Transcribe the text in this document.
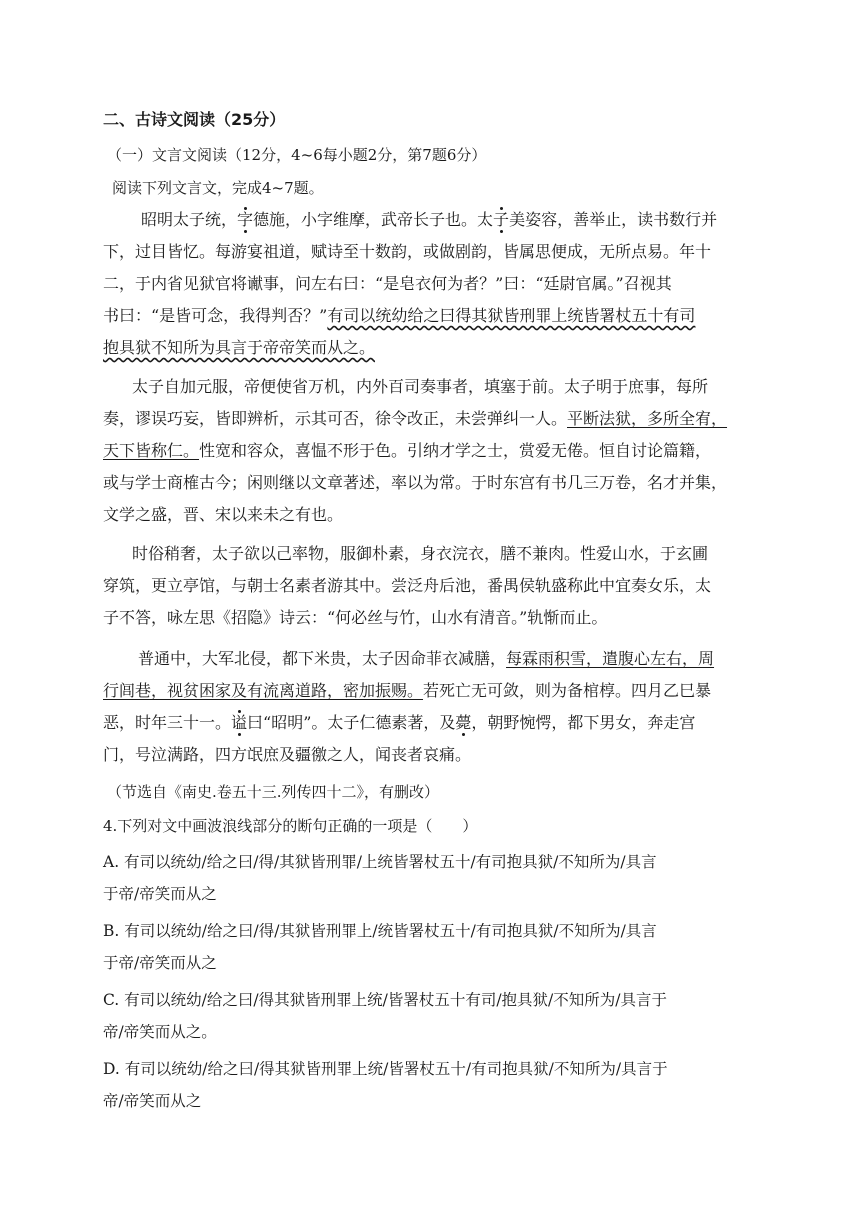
二、古诗文阅读（25分）
（一）文言文阅读（12分，4~6每小题2分，第7题6分）
阅读下列文言文，完成4~7题。
昭明太子统，字德施，小字维摩，武帝长子也。太子美姿容，善举止，读书数行并
下，过目皆忆。每游宴祖道，赋诗至十数韵，或做剧韵，皆属思便成，无所点易。年十
二，于内省见狱官将谳事，问左右曰：“是皂衣何为者？”曰：“廷尉官属。”召视其
书曰：“是皆可念，我得判否？”有司以统幼给之曰得其狱皆刑罪上统皆署杖五十有司
抱具狱不知所为具言于帝帝笑而从之。
太子自加元服，帝便使省万机，内外百司奏事者，填塞于前。太子明于庶事，每所
奏，谬误巧妄，皆即辨析，示其可否，徐令改正，未尝弹纠一人。平断法狱，多所全宥，
天下皆称仁。性宽和容众，喜愠不形于色。引纳才学之士，赏爱无倦。恒自讨论篇籍，
或与学士商榷古今；闲则继以文章著述，率以为常。于时东宫有书几三万卷，名才并集，
文学之盛，晋、宋以来未之有也。
时俗稍奢，太子欲以己率物，服御朴素，身衣浣衣，膳不兼肉。性爱山水，于玄圃
穿筑，更立亭馆，与朝士名素者游其中。尝泛舟后池，番禺侯轨盛称此中宜奏女乐，太
子不答，咏左思《招隐》诗云：“何必丝与竹，山水有清音。”轨惭而止。
普通中，大军北侵，都下米贵，太子因命菲衣减膳，每霖雨积雪，遣腹心左右，周
行闾巷，视贫困家及有流离道路，密加振赐。若死亡无可敛，则为备棺椁。四月乙巳暴
恶，时年三十一。谥曰“昭明”。太子仁德素著，及薨，朝野惋愕，都下男女，奔走宫
门，号泣满路，四方氓庶及疆徼之人，闻丧者哀痛。
（节选自《南史.卷五十三.列传四十二》，有删改）
4.下列对文中画波浪线部分的断句正确的一项是（　　）
A. 有司以统幼/给之曰/得/其狱皆刑罪/上统皆署杖五十/有司抱具狱/不知所为/具言
于帝/帝笑而从之
B. 有司以统幼/给之曰/得/其狱皆刑罪上/统皆署杖五十/有司抱具狱/不知所为/具言
于帝/帝笑而从之
C. 有司以统幼/给之曰/得其狱皆刑罪上统/皆署杖五十有司/抱具狱/不知所为/具言于
帝/帝笑而从之。
D. 有司以统幼/给之曰/得其狱皆刑罪上统/皆署杖五十/有司抱具狱/不知所为/具言于
帝/帝笑而从之
